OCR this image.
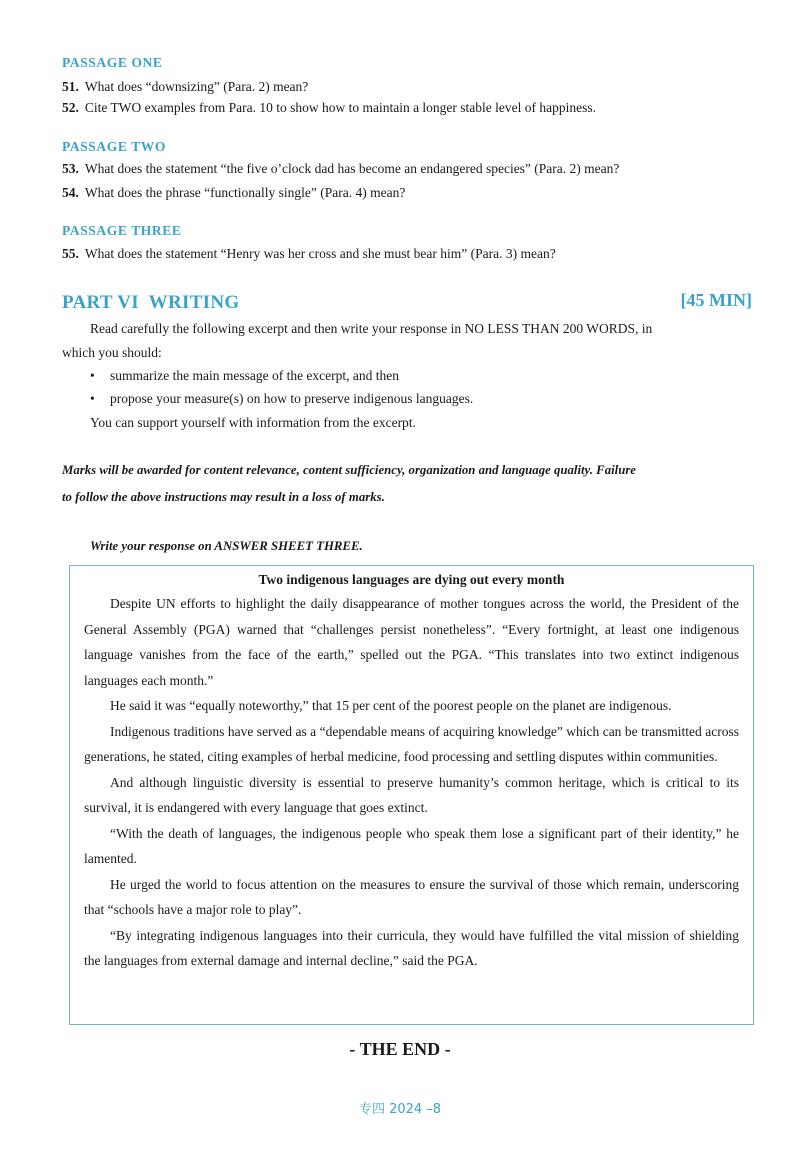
PASSAGE ONE
51. What does “downsizing” (Para. 2) mean?
52. Cite TWO examples from Para. 10 to show how to maintain a longer stable level of happiness.
PASSAGE TWO
53. What does the statement “the five o’clock dad has become an endangered species” (Para. 2) mean?
54. What does the phrase “functionally single” (Para. 4) mean?
PASSAGE THREE
55. What does the statement “Henry was her cross and she must bear him” (Para. 3) mean?
PART VI  WRITING	[45 MIN]
Read carefully the following excerpt and then write your response in NO LESS THAN 200 WORDS, in
which you should:
• summarize the main message of the excerpt, and then
• propose your measure(s) on how to preserve indigenous languages.
You can support yourself with information from the excerpt.
Marks will be awarded for content relevance, content sufficiency, organization and language quality. Failure
to follow the above instructions may result in a loss of marks.
Write your response on ANSWER SHEET THREE.
Two indigenous languages are dying out every month

Despite UN efforts to highlight the daily disappearance of mother tongues across the world, the President of the General Assembly (PGA) warned that “challenges persist nonetheless”. “Every fortnight, at least one indigenous language vanishes from the face of the earth,” spelled out the PGA. “This translates into two extinct indigenous languages each month.”

He said it was “equally noteworthy,” that 15 per cent of the poorest people on the planet are indigenous.

Indigenous traditions have served as a “dependable means of acquiring knowledge” which can be transmitted across generations, he stated, citing examples of herbal medicine, food processing and settling disputes within communities.

And although linguistic diversity is essential to preserve humanity’s common heritage, which is critical to its survival, it is endangered with every language that goes extinct.

“With the death of languages, the indigenous people who speak them lose a significant part of their identity,” he lamented.

He urged the world to focus attention on the measures to ensure the survival of those which remain, underscoring that “schools have a major role to play”.

“By integrating indigenous languages into their curricula, they would have fulfilled the vital mission of shielding the languages from external damage and internal decline,” said the PGA.

- THE END -
专四 2024 –8
